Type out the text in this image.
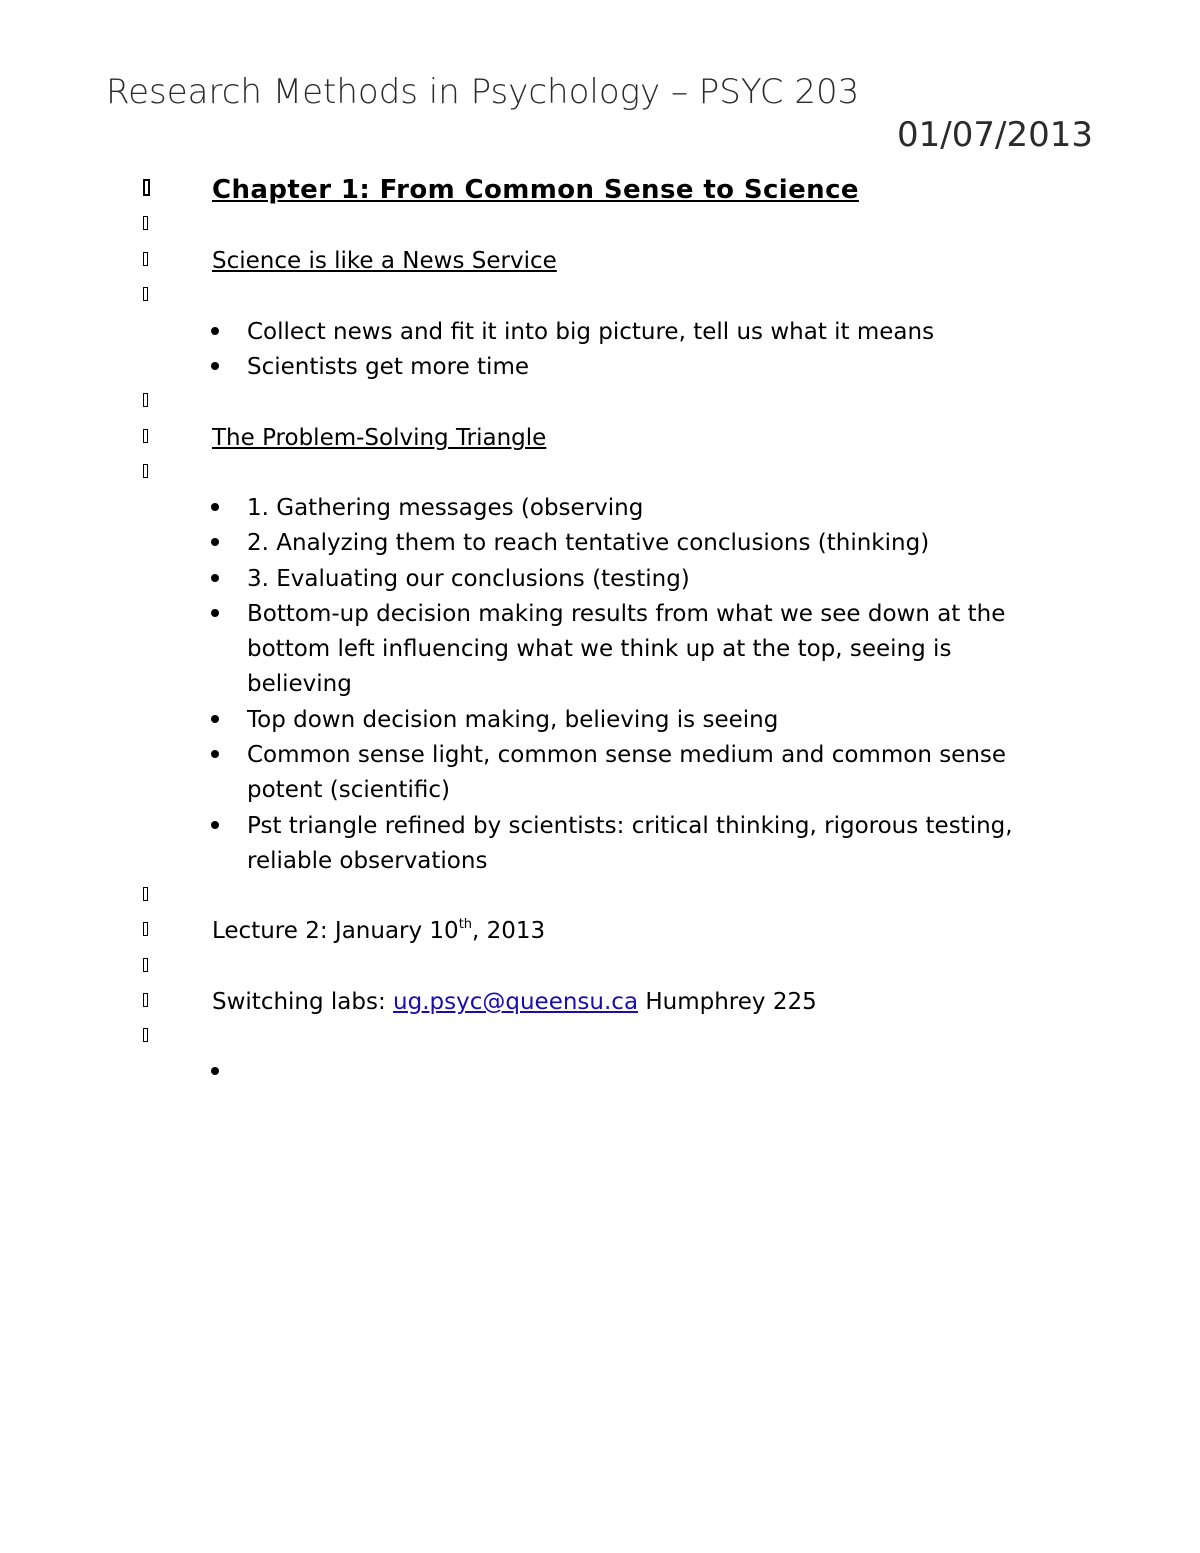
Research Methods in Psychology – PSYC 203
01/07/2013
Chapter 1: From Common Sense to Science
Science is like a News Service
Collect news and fit it into big picture, tell us what it means
Scientists get more time
The Problem-Solving Triangle
1. Gathering messages (observing
2. Analyzing them to reach tentative conclusions (thinking)
3. Evaluating our conclusions (testing)
Bottom-up decision making results from what we see down at the bottom left influencing what we think up at the top, seeing is believing
Top down decision making, believing is seeing
Common sense light, common sense medium and common sense potent (scientific)
Pst triangle refined by scientists: critical thinking, rigorous testing, reliable observations
Lecture 2: January 10th, 2013
Switching labs: ug.psyc@queensu.ca Humphrey 225
